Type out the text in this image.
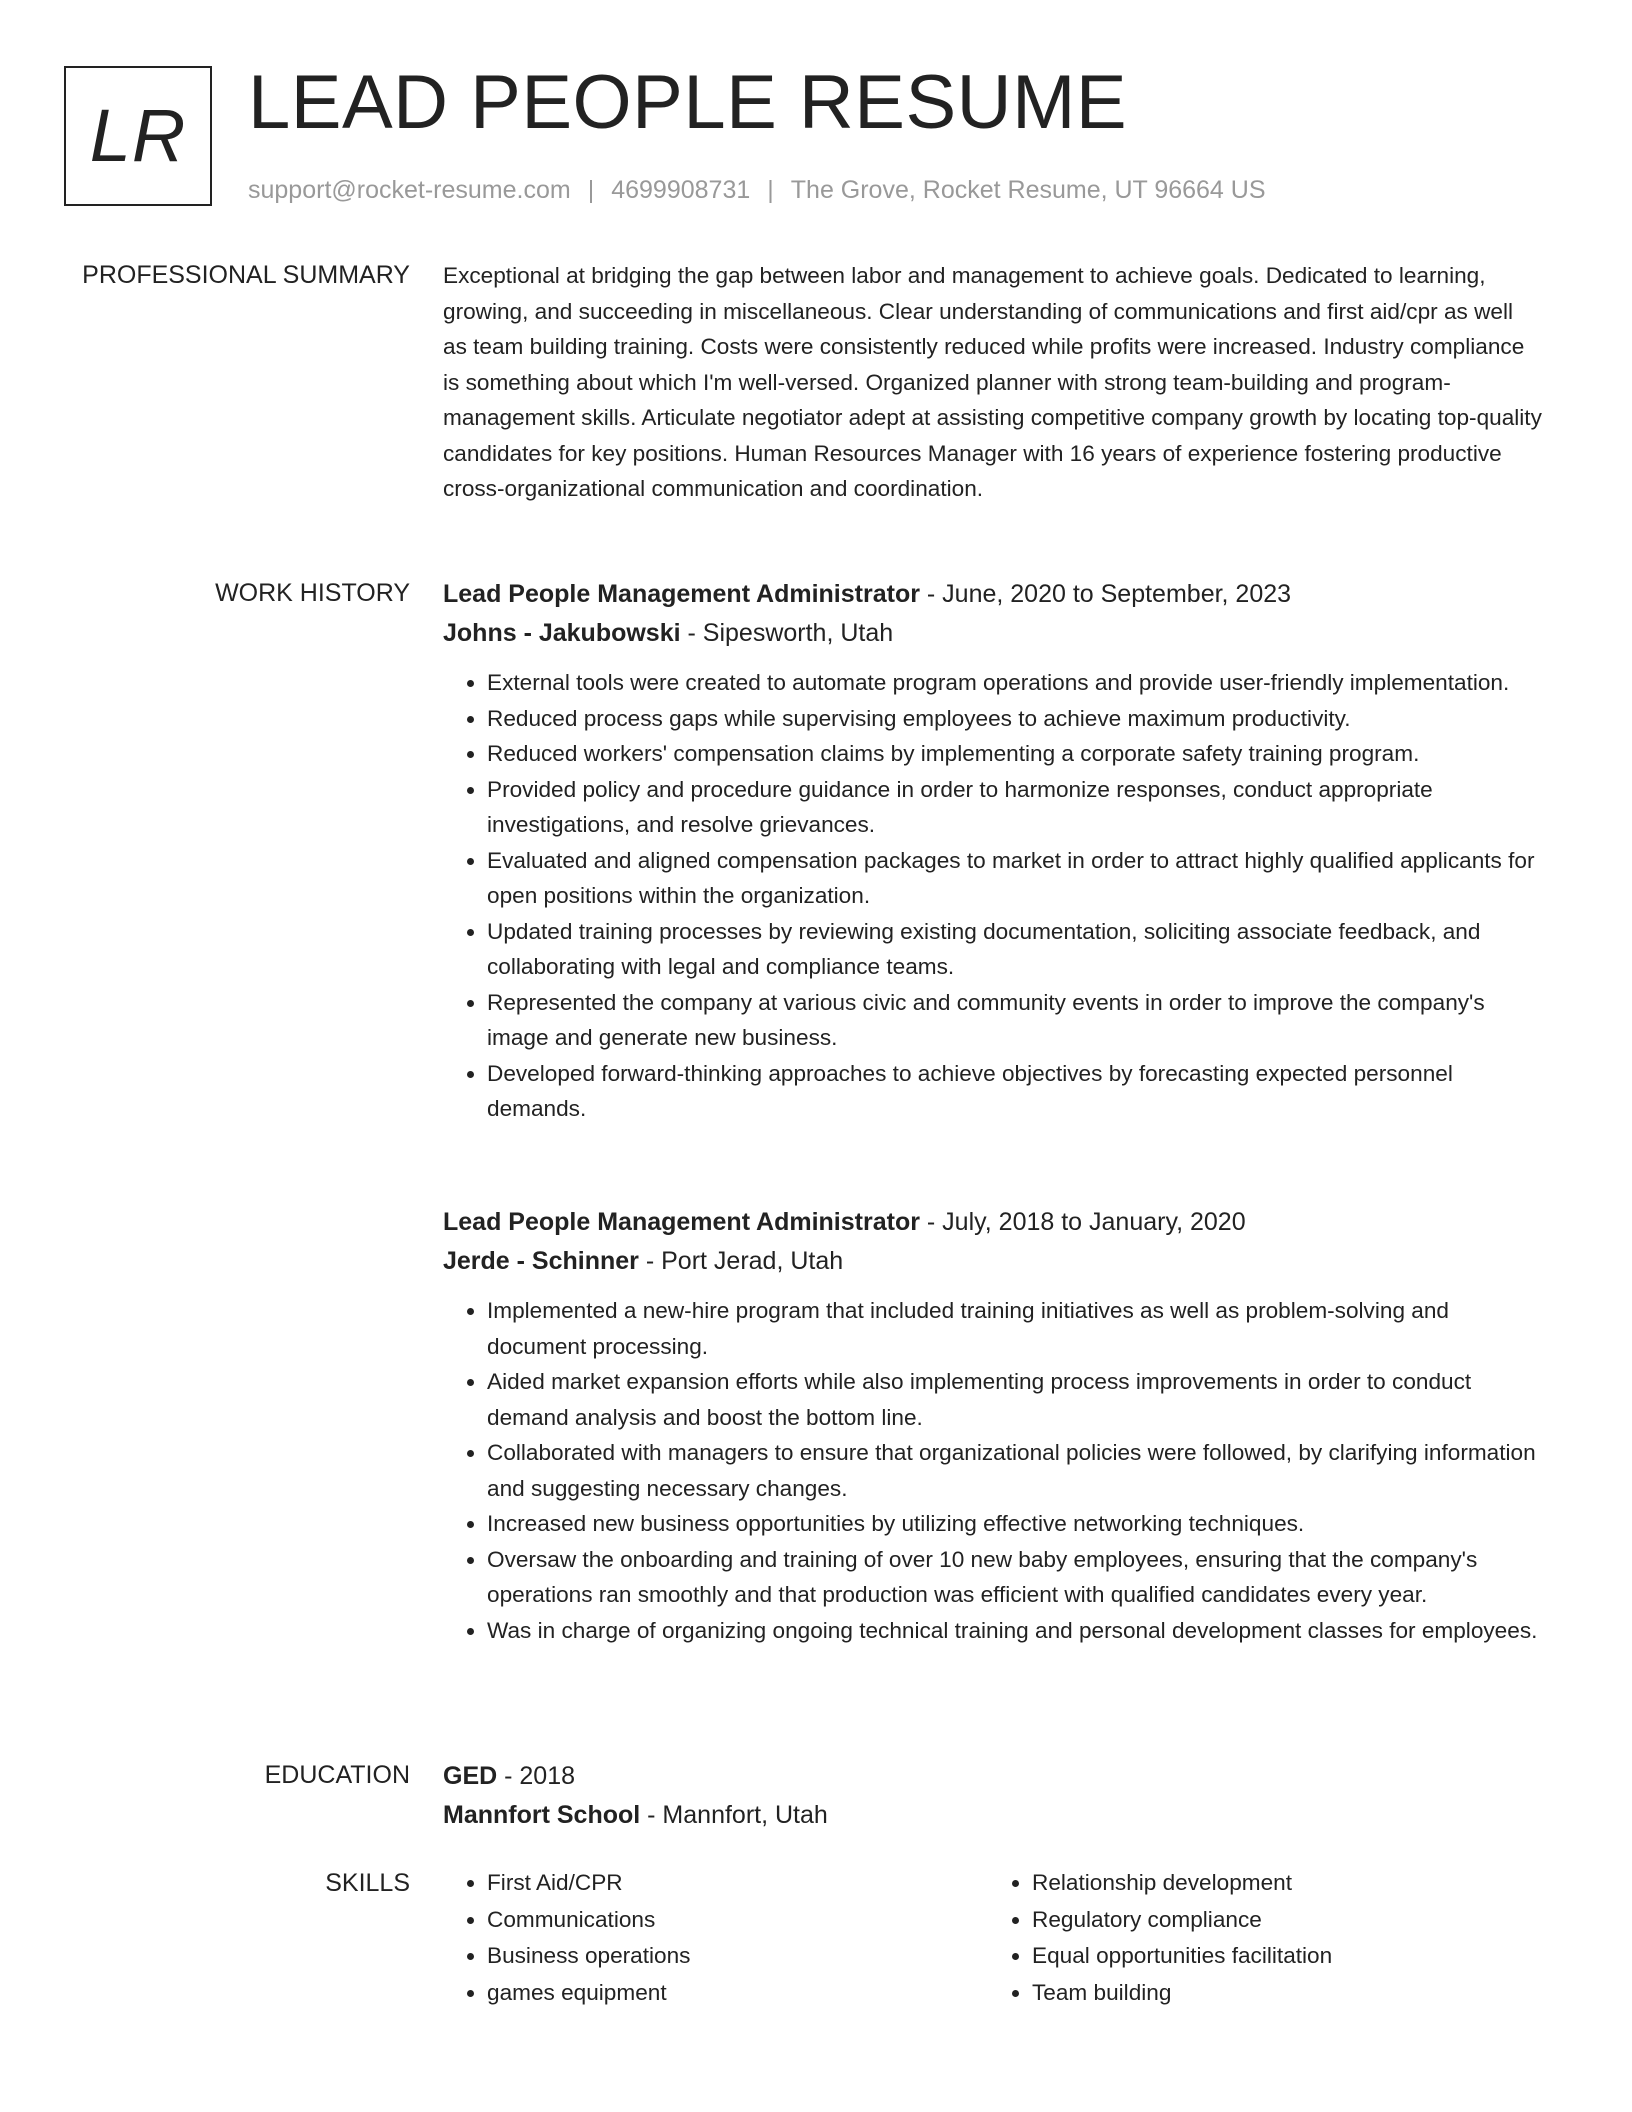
LR LEAD PEOPLE RESUME
support@rocket-resume.com | 4699908731 | The Grove, Rocket Resume, UT 96664 US
PROFESSIONAL SUMMARY Exceptional at bridging the gap between labor and management to achieve goals. Dedicated to learning, growing, and succeeding in miscellaneous. Clear understanding of communications and first aid/cpr as well as team building training. Costs were consistently reduced while profits were increased. Industry compliance is something about which I'm well-versed. Organized planner with strong team-building and program-management skills. Articulate negotiator adept at assisting competitive company growth by locating top-quality candidates for key positions. Human Resources Manager with 16 years of experience fostering productive cross-organizational communication and coordination.
WORK HISTORY Lead People Management Administrator - June, 2020 to September, 2023
Johns - Jakubowski - Sipesworth, Utah
• External tools were created to automate program operations and provide user-friendly implementation.
• Reduced process gaps while supervising employees to achieve maximum productivity.
• Reduced workers' compensation claims by implementing a corporate safety training program.
• Provided policy and procedure guidance in order to harmonize responses, conduct appropriate investigations, and resolve grievances.
• Evaluated and aligned compensation packages to market in order to attract highly qualified applicants for open positions within the organization.
• Updated training processes by reviewing existing documentation, soliciting associate feedback, and collaborating with legal and compliance teams.
• Represented the company at various civic and community events in order to improve the company's image and generate new business.
• Developed forward-thinking approaches to achieve objectives by forecasting expected personnel demands.
Lead People Management Administrator - July, 2018 to January, 2020
Jerde - Schinner - Port Jerad, Utah
• Implemented a new-hire program that included training initiatives as well as problem-solving and document processing.
• Aided market expansion efforts while also implementing process improvements in order to conduct demand analysis and boost the bottom line.
• Collaborated with managers to ensure that organizational policies were followed, by clarifying information and suggesting necessary changes.
• Increased new business opportunities by utilizing effective networking techniques.
• Oversaw the onboarding and training of over 10 new baby employees, ensuring that the company's operations ran smoothly and that production was efficient with qualified candidates every year.
• Was in charge of organizing ongoing technical training and personal development classes for employees.
EDUCATION GED - 2018
Mannfort School - Mannfort, Utah
SKILLS
•	First Aid/CPR
• Communications
• Business operations
• games equipment
• Relationship development
• Regulatory compliance
• Equal opportunities facilitation
• Team building
